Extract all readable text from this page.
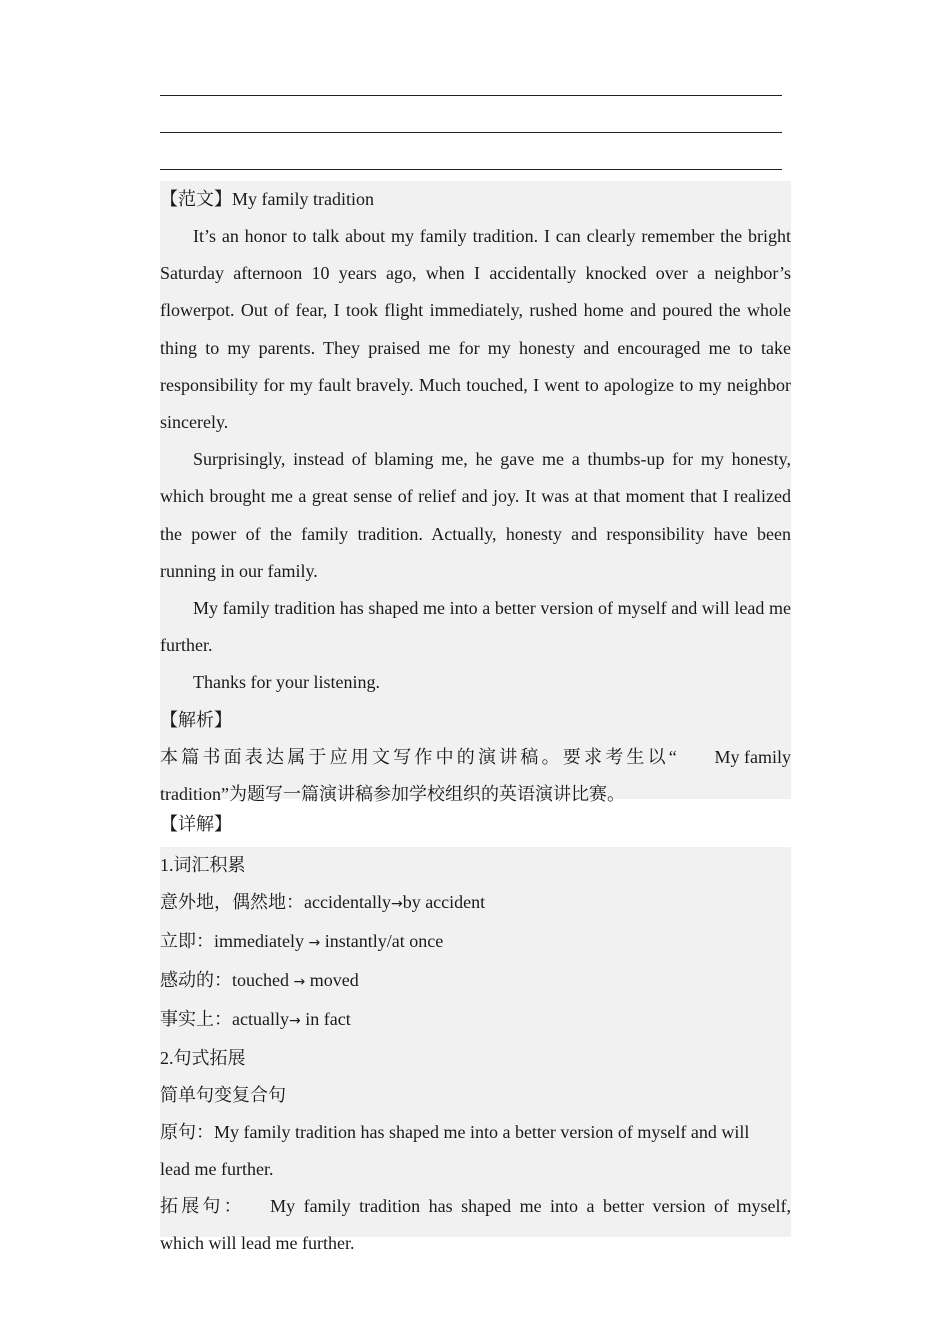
【范文】My family tradition

It’s an honor to talk about my family tradition. I can clearly remember the bright Saturday afternoon 10 years ago, when I accidentally knocked over a neighbor’s flowerpot. Out of fear, I took flight immediately, rushed home and poured the whole thing to my parents. They praised me for my honesty and encouraged me to take responsibility for my fault bravely. Much touched, I went to apologize to my neighbor sincerely.

Surprisingly, instead of blaming me, he gave me a thumbs-up for my honesty, which brought me a great sense of relief and joy. It was at that moment that I realized the power of the family tradition. Actually, honesty and responsibility have been running in our family.

My family tradition has shaped me into a better version of myself and will lead me further.

Thanks for your listening.

【解析】

本篇书面表达属于应用文写作中的演讲稿。要求考生以“ My family

tradition”为题写一篇演讲稿参加学校组织的英语演讲比赛。

【详解】

1.词汇积累

意外地，偶然地：accidentally→by accident

立即：immediately → instantly/at once

感动的：touched → moved

事实上：actually→ in fact

2.句式拓展

简单句变复合句

原句：My family tradition has shaped me into a better version of myself and will

lead me further.

拓展句： My family tradition has shaped me into a better version of myself,

which will lead me further.
